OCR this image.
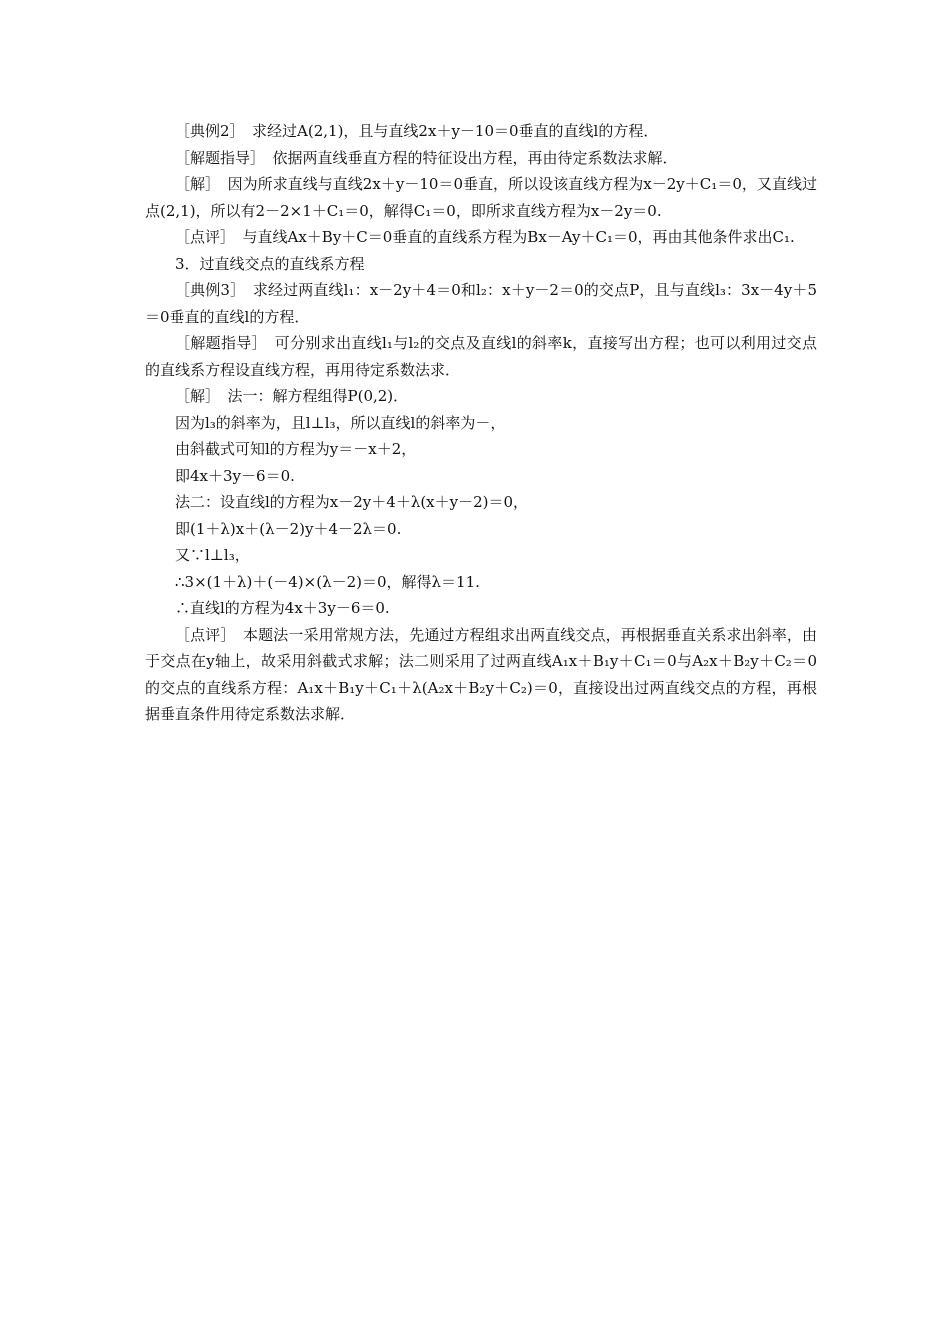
［典例2］　求经过A(2,1)，且与直线2x＋y－10＝0垂直的直线l的方程．

［解题指导］　依据两直线垂直方程的特征设出方程，再由待定系数法求解．

［解］　因为所求直线与直线2x＋y－10＝0垂直，所以设该直线方程为x－2y＋C₁＝0，又直线过点(2,1)，所以有2－2×1＋C₁＝0，解得C₁＝0，即所求直线方程为x－2y＝0.

［点评］　与直线Ax＋By＋C＝0垂直的直线系方程为Bx－Ay＋C₁＝0，再由其他条件求出C₁.

3．过直线交点的直线系方程

［典例3］　求经过两直线l₁：x－2y＋4＝0和l₂：x＋y－2＝0的交点P，且与直线l₃：3x－4y＋5＝0垂直的直线l的方程．

［解题指导］　可分别求出直线l₁与l₂的交点及直线l的斜率k，直接写出方程；也可以利用过交点的直线系方程设直线方程，再用待定系数法求．

［解］　法一：解方程组得P(0,2)．

因为l₃的斜率为，且l⊥l₃，所以直线l的斜率为－，

由斜截式可知l的方程为y＝－x＋2，

即4x＋3y－6＝0.

法二：设直线l的方程为x－2y＋4＋λ(x＋y－2)＝0，

即(1＋λ)x＋(λ－2)y＋4－2λ＝0.

又∵l⊥l₃，

∴3×(1＋λ)＋(－4)×(λ－2)＝0，解得λ＝11.

∴直线l的方程为4x＋3y－6＝0.

［点评］　本题法一采用常规方法，先通过方程组求出两直线交点，再根据垂直关系求出斜率，由于交点在y轴上，故采用斜截式求解；法二则采用了过两直线A₁x＋B₁y＋C₁＝0与A₂x＋B₂y＋C₂＝0的交点的直线系方程：A₁x＋B₁y＋C₁＋λ(A₂x＋B₂y＋C₂)＝0，直接设出过两直线交点的方程，再根据垂直条件用待定系数法求解．
